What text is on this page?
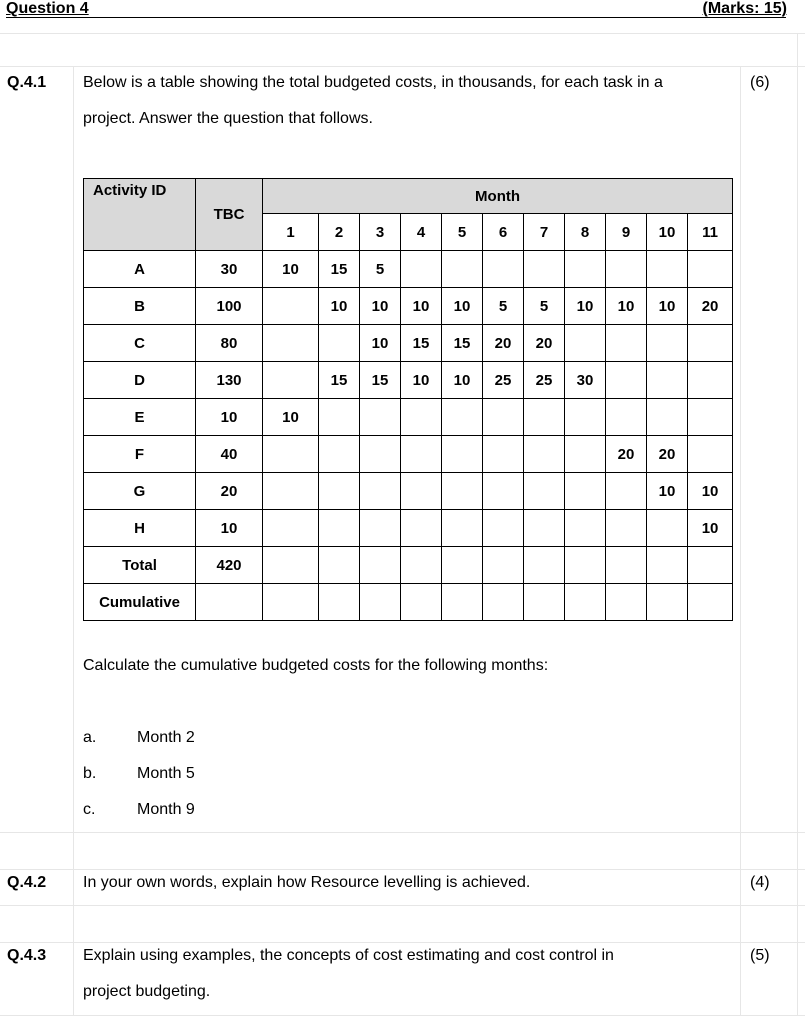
Question 4	(Marks: 15)
Q.4.1 Below is a table showing the total budgeted costs, in thousands, for each task in a
project. Answer the question that follows.
(6)
Activity ID	TBC	Month										
		1	2	3	4	5	6	7	8	9	10	11
A	30	10	15	5								
B	100		10	10	10	10	5	5	10	10	10	20
C	80			10	15	15	20	20				
D	130		15	15	10	10	25	25	30			
E	10	10										
F	40									20	20	
G	20										10	10
H	10											10
Total	420											
Cumulative												
Calculate the cumulative budgeted costs for the following months:
a.	Month 2
b.	Month 5
c.	Month 9
Q.4.2 In your own words, explain how Resource levelling is achieved.	(4)
Q.4.3 Explain using examples, the concepts of cost estimating and cost control in
project budgeting.
(5)
